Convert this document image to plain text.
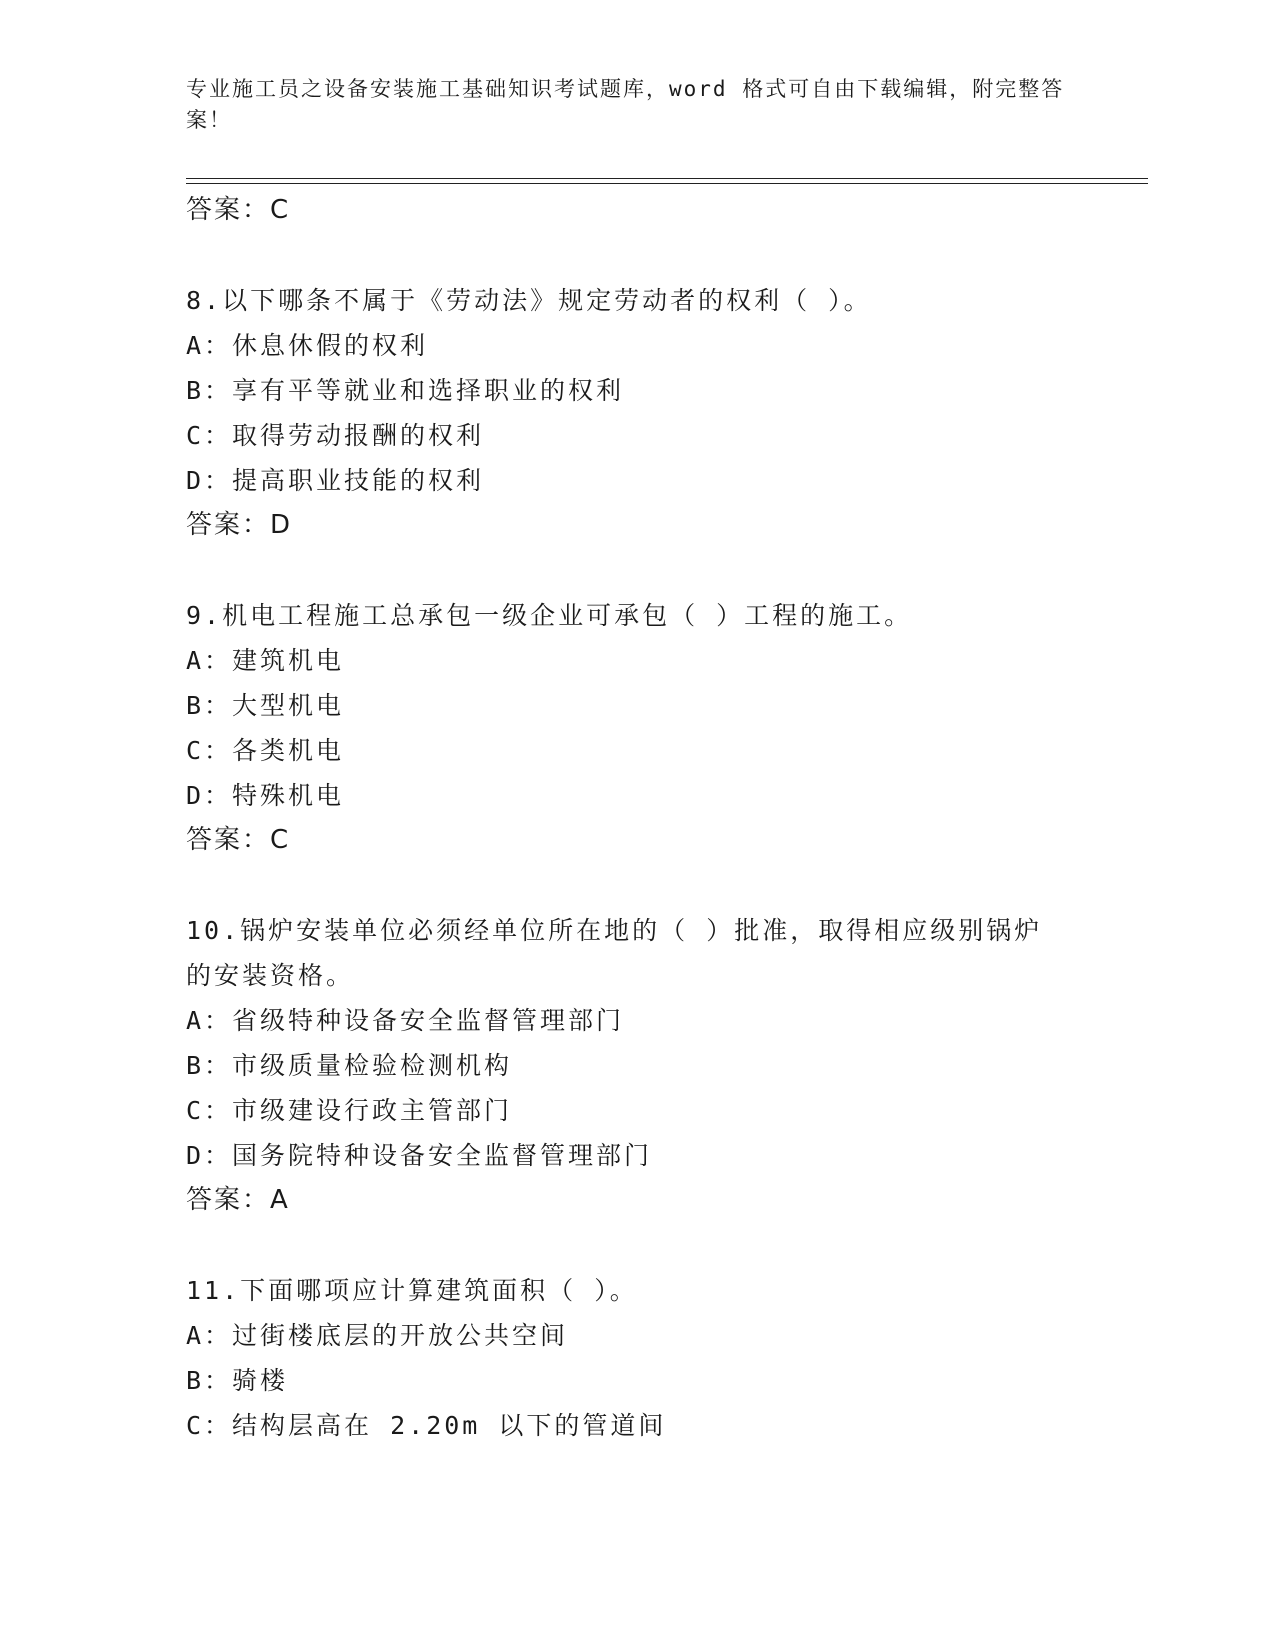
专业施工员之设备安装施工基础知识考试题库，word 格式可自由下载编辑，附完整答案！
答案：C
8.以下哪条不属于《劳动法》规定劳动者的权利（ ）。
A：休息休假的权利
B：享有平等就业和选择职业的权利
C：取得劳动报酬的权利
D：提高职业技能的权利
答案：D
9.机电工程施工总承包一级企业可承包（ ）工程的施工。
A：建筑机电
B：大型机电
C：各类机电
D：特殊机电
答案：C
10.锅炉安装单位必须经单位所在地的（ ）批准，取得相应级别锅炉的安装资格。
A：省级特种设备安全监督管理部门
B：市级质量检验检测机构
C：市级建设行政主管部门
D：国务院特种设备安全监督管理部门
答案：A
11.下面哪项应计算建筑面积（ ）。
A：过街楼底层的开放公共空间
B：骑楼
C：结构层高在 2.20m 以下的管道间
